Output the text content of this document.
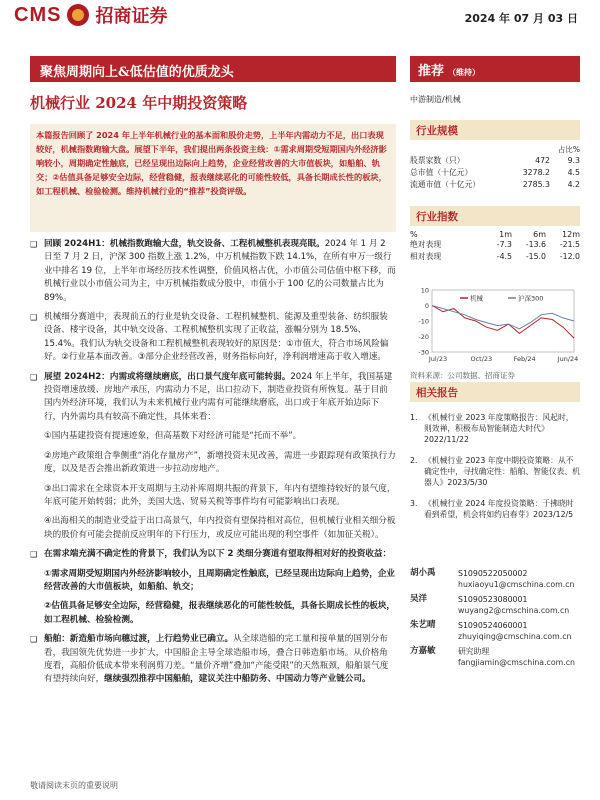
CMS 招商证券	2024 年 07 月 03 日
聚焦周期向上&低估值的优质龙头
机械行业 2024 年中期投资策略
本篇报告回顾了 2024 年上半年机械行业的基本面和股价走势，上半年内需动力不足，出口表现较好，机械指数跑输大盘。展望下半年，我们提出两条投资主线：①需求周期受短期国内外经济影响较小，周期确定性触底，已经呈现出边际向上趋势，企业经营改善的大市值板块，如船舶、轨交；②估值具备足够安全边际，经营稳健，报表继续恶化的可能性较低，具备长期成长性的板块，如工程机械、检验检测。维持机械行业的“推荐”投资评级。
❑ 回顾 2024H1：机械指数跑输大盘，轨交设备、工程机械整机表现亮眼。2024 年 1 月 2 日至 7 月 2 日，沪深 300 指数上涨 1.2%，中万机械指数下跌 14.1%，在所有申万一级行业中排名 19 位，上半年市场经历技术性调整，价值风格占优，小市值公司估值中枢下移，而机械行业以小市值公司为主，中万机械指数成分股中，市值小于 100 亿的公司数量占比为 89%。
❑ 机械细分赛道中，表现前五的行业是轨交设备、工程机械整机、能源及重型装备、纺织服装设备、楼宇设备，其中轨交设备、工程机械整机实现了正收益，涨幅分别为 18.5%、15.4%。我们认为轨交设备和工程机械整机表现较好的原因是：①市值大，符合市场风险偏好。②行业基本面改善。③部分企业经营改善，财务指标向好，净利润增速高于收入增速。
❑ 展望 2024H2：内需或将继续磨底，出口景气度年底可能转弱。2024 年上半年，我国基建投资增速放缓、房地产承压，内需动力不足，出口拉动下，制造业投资有所恢复。基于目前国内外经济环境，我们认为未来机械行业内需有可能继续磨底，出口或于年底开始边际下行，内外需均具有较高不确定性，具体来看：
①国内基建投资有提速迹象，但高基数下对经济可能是“托而不举”。
②房地产政策组合拳侧重“消化存量房产”，新增投资未见改善，需进一步跟踪现有政策执行力度，以及是否会推出新政策进一步拉动房地产。
③出口需求在全球资本开支周期与主动补库周期共振的背景下，年内有望维持较好的景气度，年底可能开始转弱；此外，美国大选、贸易关税等事件均有可能影响出口表现。
④出海相关的制造业受益于出口高景气，年内投资有望保持相对高位，但机械行业相关细分板块的股价有可能会提前反应明年的下行压力，或反应可能出现的利空事件（如加征关税）。
❑ 在需求端充满不确定性的背景下，我们认为以下 2 类细分赛道有望取得相对好的投资收益：
①需求周期受短期国内外经济影响较小，且周期确定性触底，已经呈现出边际向上趋势，企业经营改善的大市值板块，如船舶、轨交；
②估值具备足够安全边际，经营稳健，报表继续恶化的可能性较低，具备长期成长性的板块，如工程机械、检验检测。
❑ 船舶：新造船市场向穗过渡，上行趋势业已确立。从全球造船的完工量和接单量的国别分布看，我国领先优势进一步扩大，中国船企主导全球造船市场，叠合日韩造船市场。从价格角度看，高船价低成本带来利润剪刀差。“量价齐增”叠加“产能受限”的天然瓶颈，船舶景气度有望持续向好，继续强烈推荐中国船舶，建议关注中船防务、中国动力等产业链公司。
敬请阅读末页的重要说明
推荐 （维持）
中游制造/机械
行业规模
占比%
股票家数（只）	472	9.3
总市值（十亿元）	3278.2	4.5
流通市值（十亿元）	2785.3	4.2
行业指数
%	1m	6m	12m
绝对表现	-7.3	-13.6	-21.5
相对表现	-4.5	-15.0	-12.0
10
0
-10
-20
-30
Jul/23	Oct/23	Feb/24	Jun/24
机械	沪深300
资料来源：公司数据、招商证券
相关报告
1. 《机械行业 2023 年度策略报告：风起时，则效禅，积极布局智能制造大时代》2022/11/22
2. 《机械行业 2023 年度中期投资策略：从不确定性中，寻找确定性：船舶、智能仪表、机器人》2023/5/30
3. 《机械行业 2024 年度投资策略：于拂晓时看到希望，机会将如约启春芽》2023/12/5
胡小禹	S1090522050002
huxiaoyu1@cmschina.com.cn
吴洋	S1090523080001
wuyang2@cmschina.com.cn
朱艺晴	S1090524060001
zhuyiqing@cmschina.com.cn
方嘉敏	研究助理
fangjiamin@cmschina.com.cn
